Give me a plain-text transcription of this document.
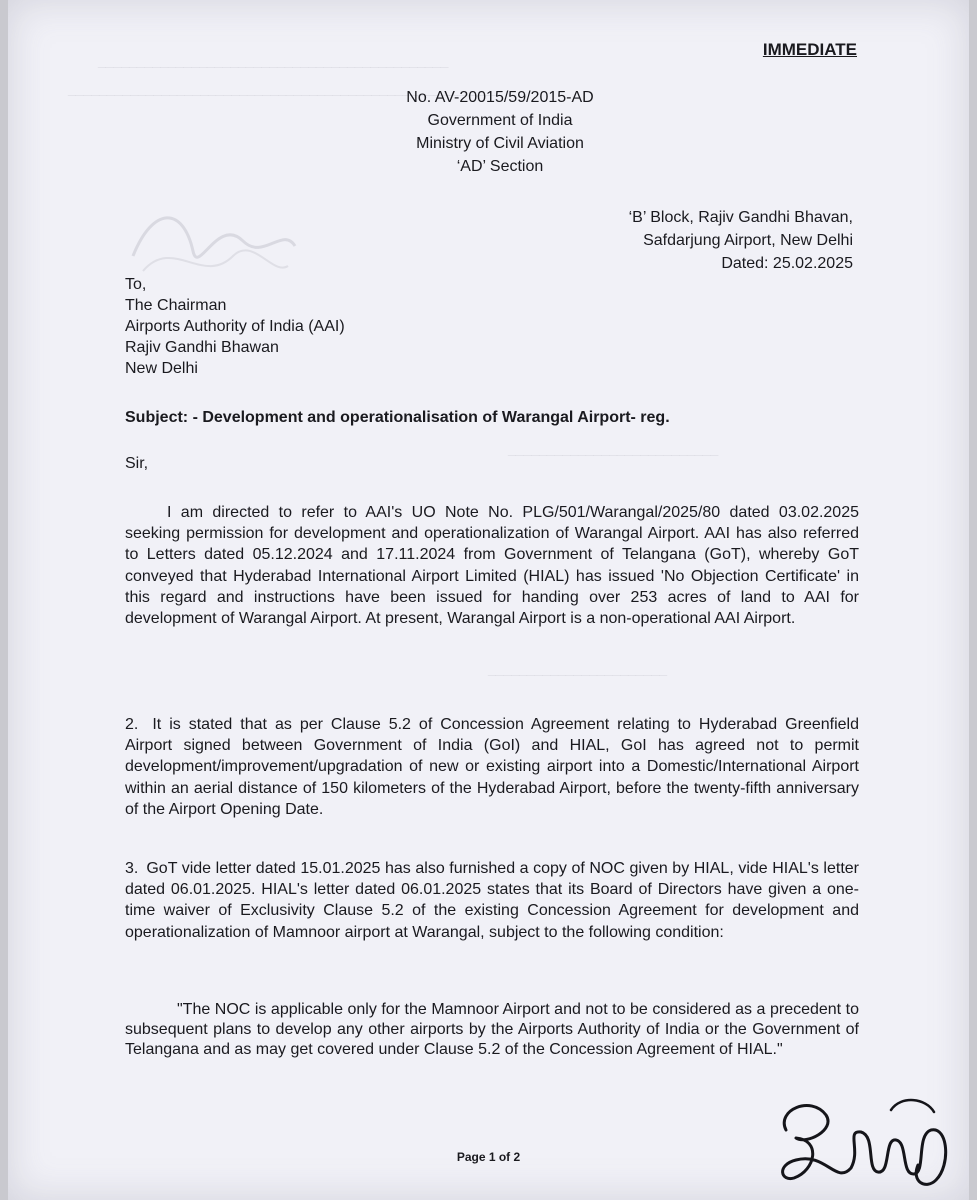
_____________________________________________
_______________________________________________________
___________________________
_______________________
IMMEDIATE
No. AV-20015/59/2015-AD
Government of India
Ministry of Civil Aviation
‘AD’ Section
‘B’ Block, Rajiv Gandhi Bhavan,
Safdarjung Airport, New Delhi
Dated: 25.02.2025
To,
The Chairman
Airports Authority of India (AAI)
Rajiv Gandhi Bhawan
New Delhi
Subject: - Development and operationalisation of Warangal Airport- reg.
Sir,

I am directed to refer to AAI's UO Note No. PLG/501/Warangal/2025/80 dated 03.02.2025 seeking permission for development and operationalization of Warangal Airport. AAI has also referred to Letters dated 05.12.2024 and 17.11.2024 from Government of Telangana (GoT), whereby GoT conveyed that Hyderabad International Airport Limited (HIAL) has issued 'No Objection Certificate' in this regard and instructions have been issued for handing over 253 acres of land to AAI for development of Warangal Airport. At present, Warangal Airport is a non-operational AAI Airport.

2. It is stated that as per Clause 5.2 of Concession Agreement relating to Hyderabad Greenfield Airport signed between Government of India (GoI) and HIAL, GoI has agreed not to permit development/improvement/upgradation of new or existing airport into a Domestic/International Airport within an aerial distance of 150 kilometers of the Hyderabad Airport, before the twenty-fifth anniversary of the Airport Opening Date.

3. GoT vide letter dated 15.01.2025 has also furnished a copy of NOC given by HIAL, vide HIAL's letter dated 06.01.2025. HIAL's letter dated 06.01.2025 states that its Board of Directors have given a one-time waiver of Exclusivity Clause 5.2 of the existing Concession Agreement for development and operationalization of Mamnoor airport at Warangal, subject to the following condition:

"The NOC is applicable only for the Mamnoor Airport and not to be considered as a precedent to subsequent plans to develop any other airports by the Airports Authority of India or the Government of Telangana and as may get covered under Clause 5.2 of the Concession Agreement of HIAL."

Page 1 of 2
